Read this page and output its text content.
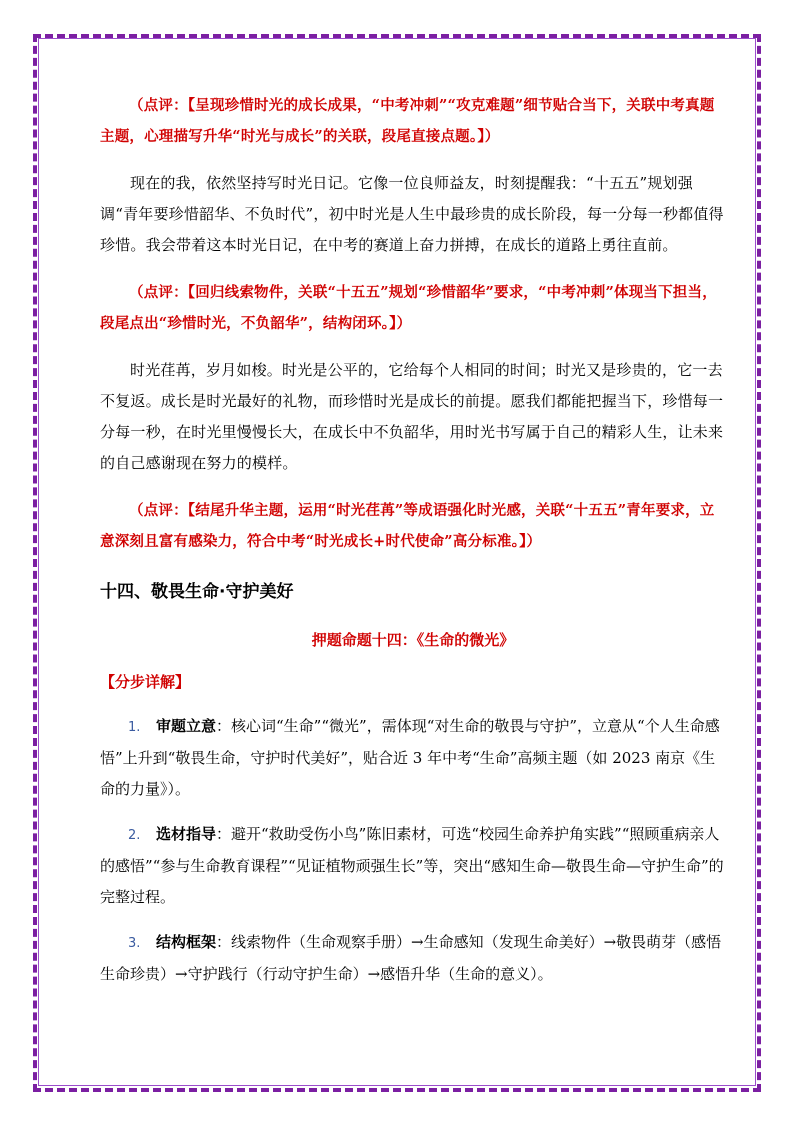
（点评：【呈现珍惜时光的成长成果，“中考冲刺”“攻克难题”细节贴合当下，关联中考真题主题，心理描写升华“时光与成长”的关联，段尾直接点题。】）

现在的我，依然坚持写时光日记。它像一位良师益友，时刻提醒我：“十五五”规划强调“青年要珍惜韶华、不负时代”，初中时光是人生中最珍贵的成长阶段，每一分每一秒都值得珍惜。我会带着这本时光日记，在中考的赛道上奋力拼搏，在成长的道路上勇往直前。

（点评：【回归线索物件，关联“十五五”规划“珍惜韶华”要求，“中考冲刺”体现当下担当，段尾点出“珍惜时光，不负韶华”，结构闭环。】）

时光荏苒，岁月如梭。时光是公平的，它给每个人相同的时间；时光又是珍贵的，它一去不复返。成长是时光最好的礼物，而珍惜时光是成长的前提。愿我们都能把握当下，珍惜每一分每一秒，在时光里慢慢长大，在成长中不负韶华，用时光书写属于自己的精彩人生，让未来的自己感谢现在努力的模样。

（点评：【结尾升华主题，运用“时光荏苒”等成语强化时光感，关联“十五五”青年要求，立意深刻且富有感染力，符合中考“时光成长+时代使命”高分标准。】）

十四、敬畏生命·守护美好
押题命题十四：《生命的微光》
【分步详解】
1. 审题立意：核心词“生命”“微光”，需体现“对生命的敬畏与守护”，立意从“个人生命感悟”上升到“敬畏生命，守护时代美好”，贴合近 3 年中考“生命”高频主题（如 2023 南京《生命的力量》）。
2. 选材指导：避开“救助受伤小鸟”陈旧素材，可选“校园生命养护角实践”“照顾重病亲人的感悟”“参与生命教育课程”“见证植物顽强生长”等，突出“感知生命—敬畏生命—守护生命”的完整过程。
3. 结构框架：线索物件（生命观察手册）→生命感知（发现生命美好）→敬畏萌芽（感悟生命珍贵）→守护践行（行动守护生命）→感悟升华（生命的意义）。
